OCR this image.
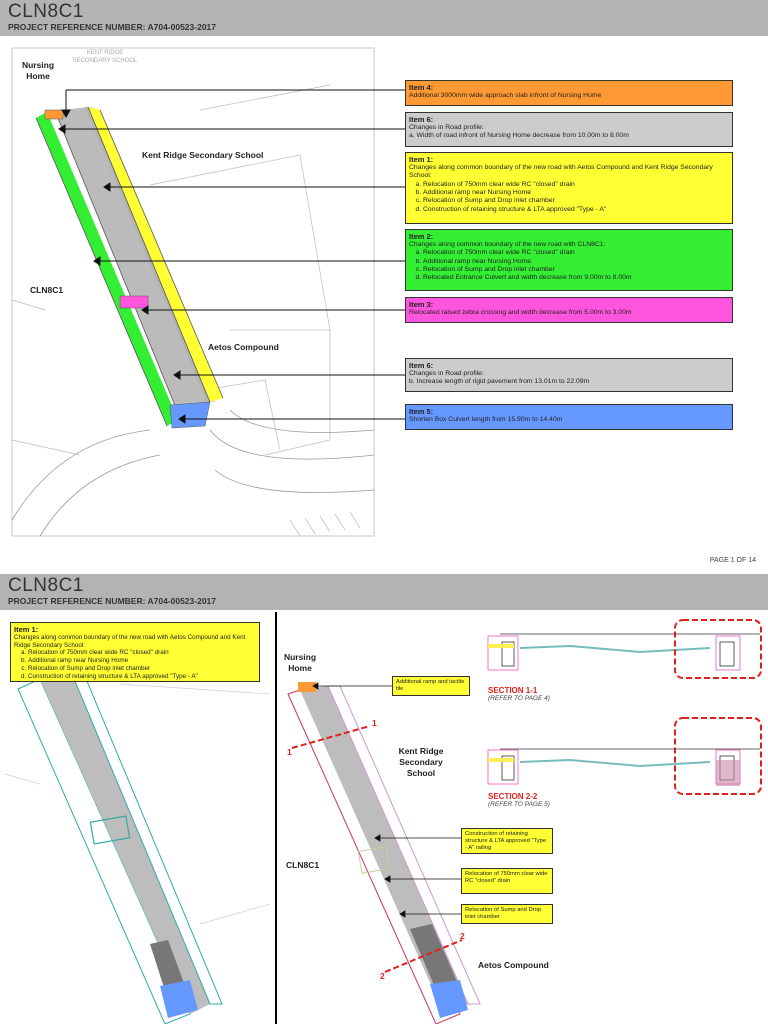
CLN8C1
PROJECT REFERENCE NUMBER: A704-00523-2017
KENT RIDGE SECONDARY SCHOOL
Nursing Home
Kent Ridge Secondary School
CLN8C1
Aetos Compound
Item 4:
Additional 3000mm wide approach slab infront of Nursing Home
Item 6:
Changes in Road profile:
a. Width of road infront of Nursing Home decrease from 10.00m to 8.00m
Item 1:
Changes along common boundary of the new road with Aetos Compound and Kent Ridge Secondary School:
a. Relocation of 750mm clear wide RC "closed" drain
b. Additional ramp near Nursing Home
c. Relocation of Sump and Drop inlet chamber
d. Construction of retaining structure & LTA approved "Type - A"
Item 2:
Changes along common boundary of the new road with CLN8C1:
a. Relocation of 750mm clear wide RC "closed" drain
b. Additional ramp near Nursing Home
c. Relocation of Sump and Drop inlet chamber
d. Relocated Entrance Culvert and width decrease from 9.00m to 8.00m
Item 3:
Relocated raised zebra crossing and width decrease from 5.00m to 3.00m
Item 6:
Changes in Road profile:
b. Increase length of rigid pavement from 13.01m to 22.09m
Item 5:
Shorten Box Culvert length from 15.90m to 14.40m
PAGE 1 OF 14
CLN8C1
PROJECT REFERENCE NUMBER: A704-00523-2017
Item 1:
Changes along common boundary of the new road with Aetos Compound and Kent Ridge Secondary School:
a. Relocation of 750mm clear wide RC "closed" drain
b. Additional ramp near Nursing Home
c. Relocation of Sump and Drop inlet chamber
d. Construction of retaining structure & LTA approved "Type - A"
Nursing Home
Kent Ridge Secondary School
CLN8C1
Aetos Compound
1
1
2
2
Additional ramp and tactile tile
Construction of retaining structure & LTA approved "Type - A" railing
Relocation of 750mm clear wide RC "closed" drain
Relocation of Sump and Drop inlet chamber
SECTION 1-1
(REFER TO PAGE 4)
SECTION 2-2
(REFER TO PAGE 5)
